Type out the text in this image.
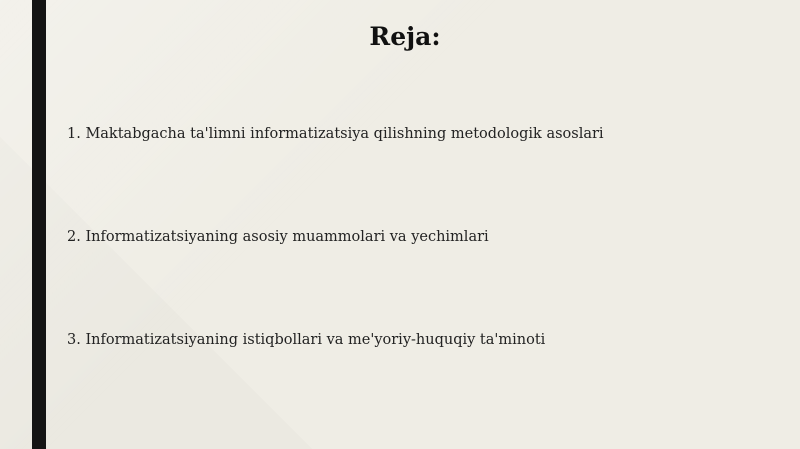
Reja:
1. Maktabgacha ta'limni informatizatsiya qilishning metodologik asoslari
2. Informatizatsiyaning asosiy muammolari va yechimlari
3. Informatizatsiyaning istiqbollari va me'yoriy-huquqiy ta'minoti
